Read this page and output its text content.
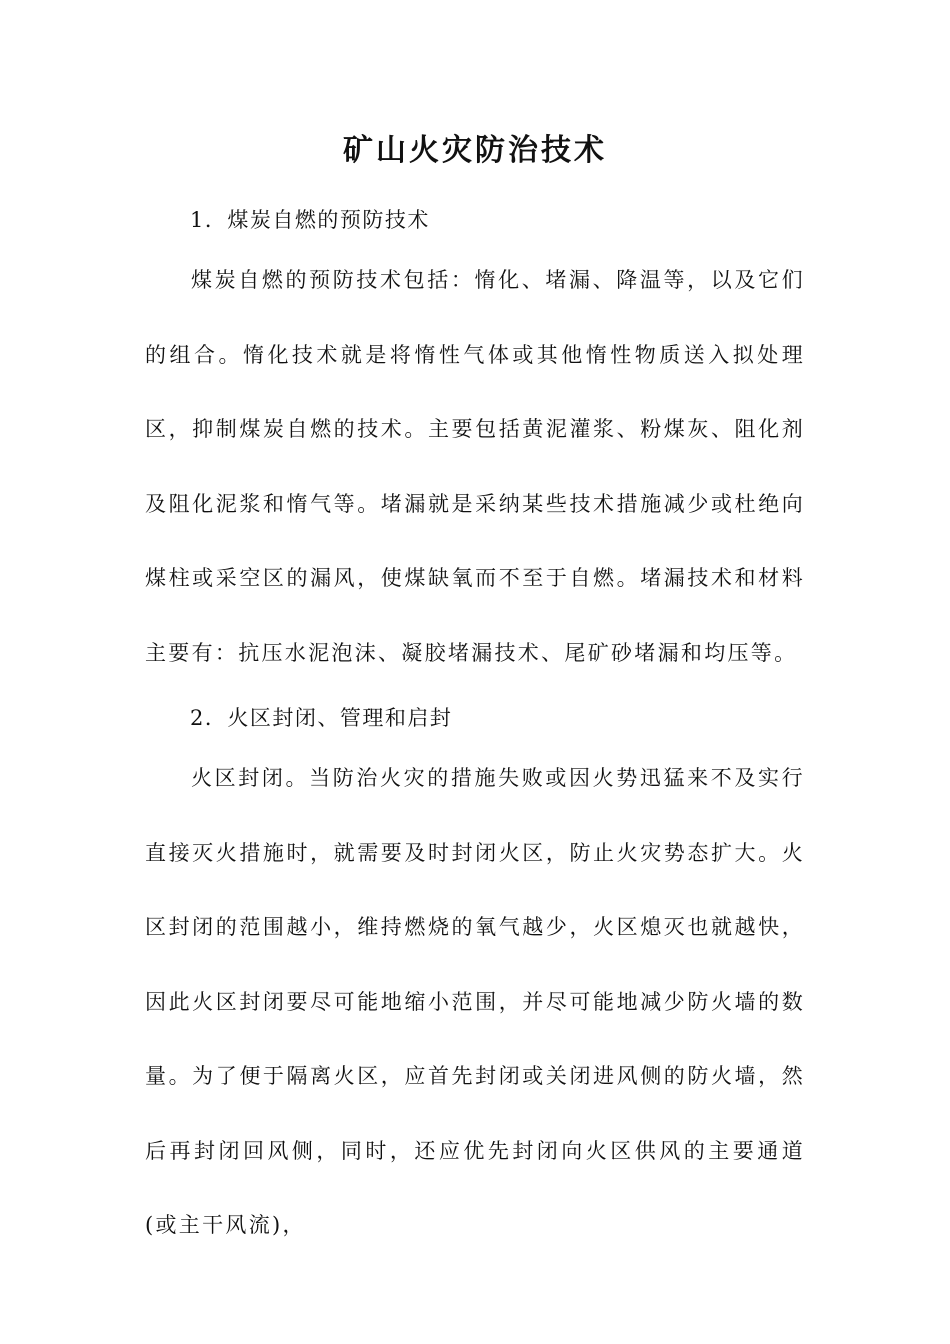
矿山火灾防治技术

1．煤炭自燃的预防技术

煤炭自燃的预防技术包括：惰化、堵漏、降温等，以及它们的组合。惰化技术就是将惰性气体或其他惰性物质送入拟处理区，抑制煤炭自燃的技术。主要包括黄泥灌浆、粉煤灰、阻化剂及阻化泥浆和惰气等。堵漏就是采纳某些技术措施减少或杜绝向煤柱或采空区的漏风，使煤缺氧而不至于自燃。堵漏技术和材料主要有：抗压水泥泡沫、凝胶堵漏技术、尾矿砂堵漏和均压等。

2．火区封闭、管理和启封

火区封闭。当防治火灾的措施失败或因火势迅猛来不及实行直接灭火措施时，就需要及时封闭火区，防止火灾势态扩大。火区封闭的范围越小，维持燃烧的氧气越少，火区熄灭也就越快，因此火区封闭要尽可能地缩小范围，并尽可能地减少防火墙的数量。为了便于隔离火区，应首先封闭或关闭进风侧的防火墙，然后再封闭回风侧，同时，还应优先封闭向火区供风的主要通道(或主干风流)，
